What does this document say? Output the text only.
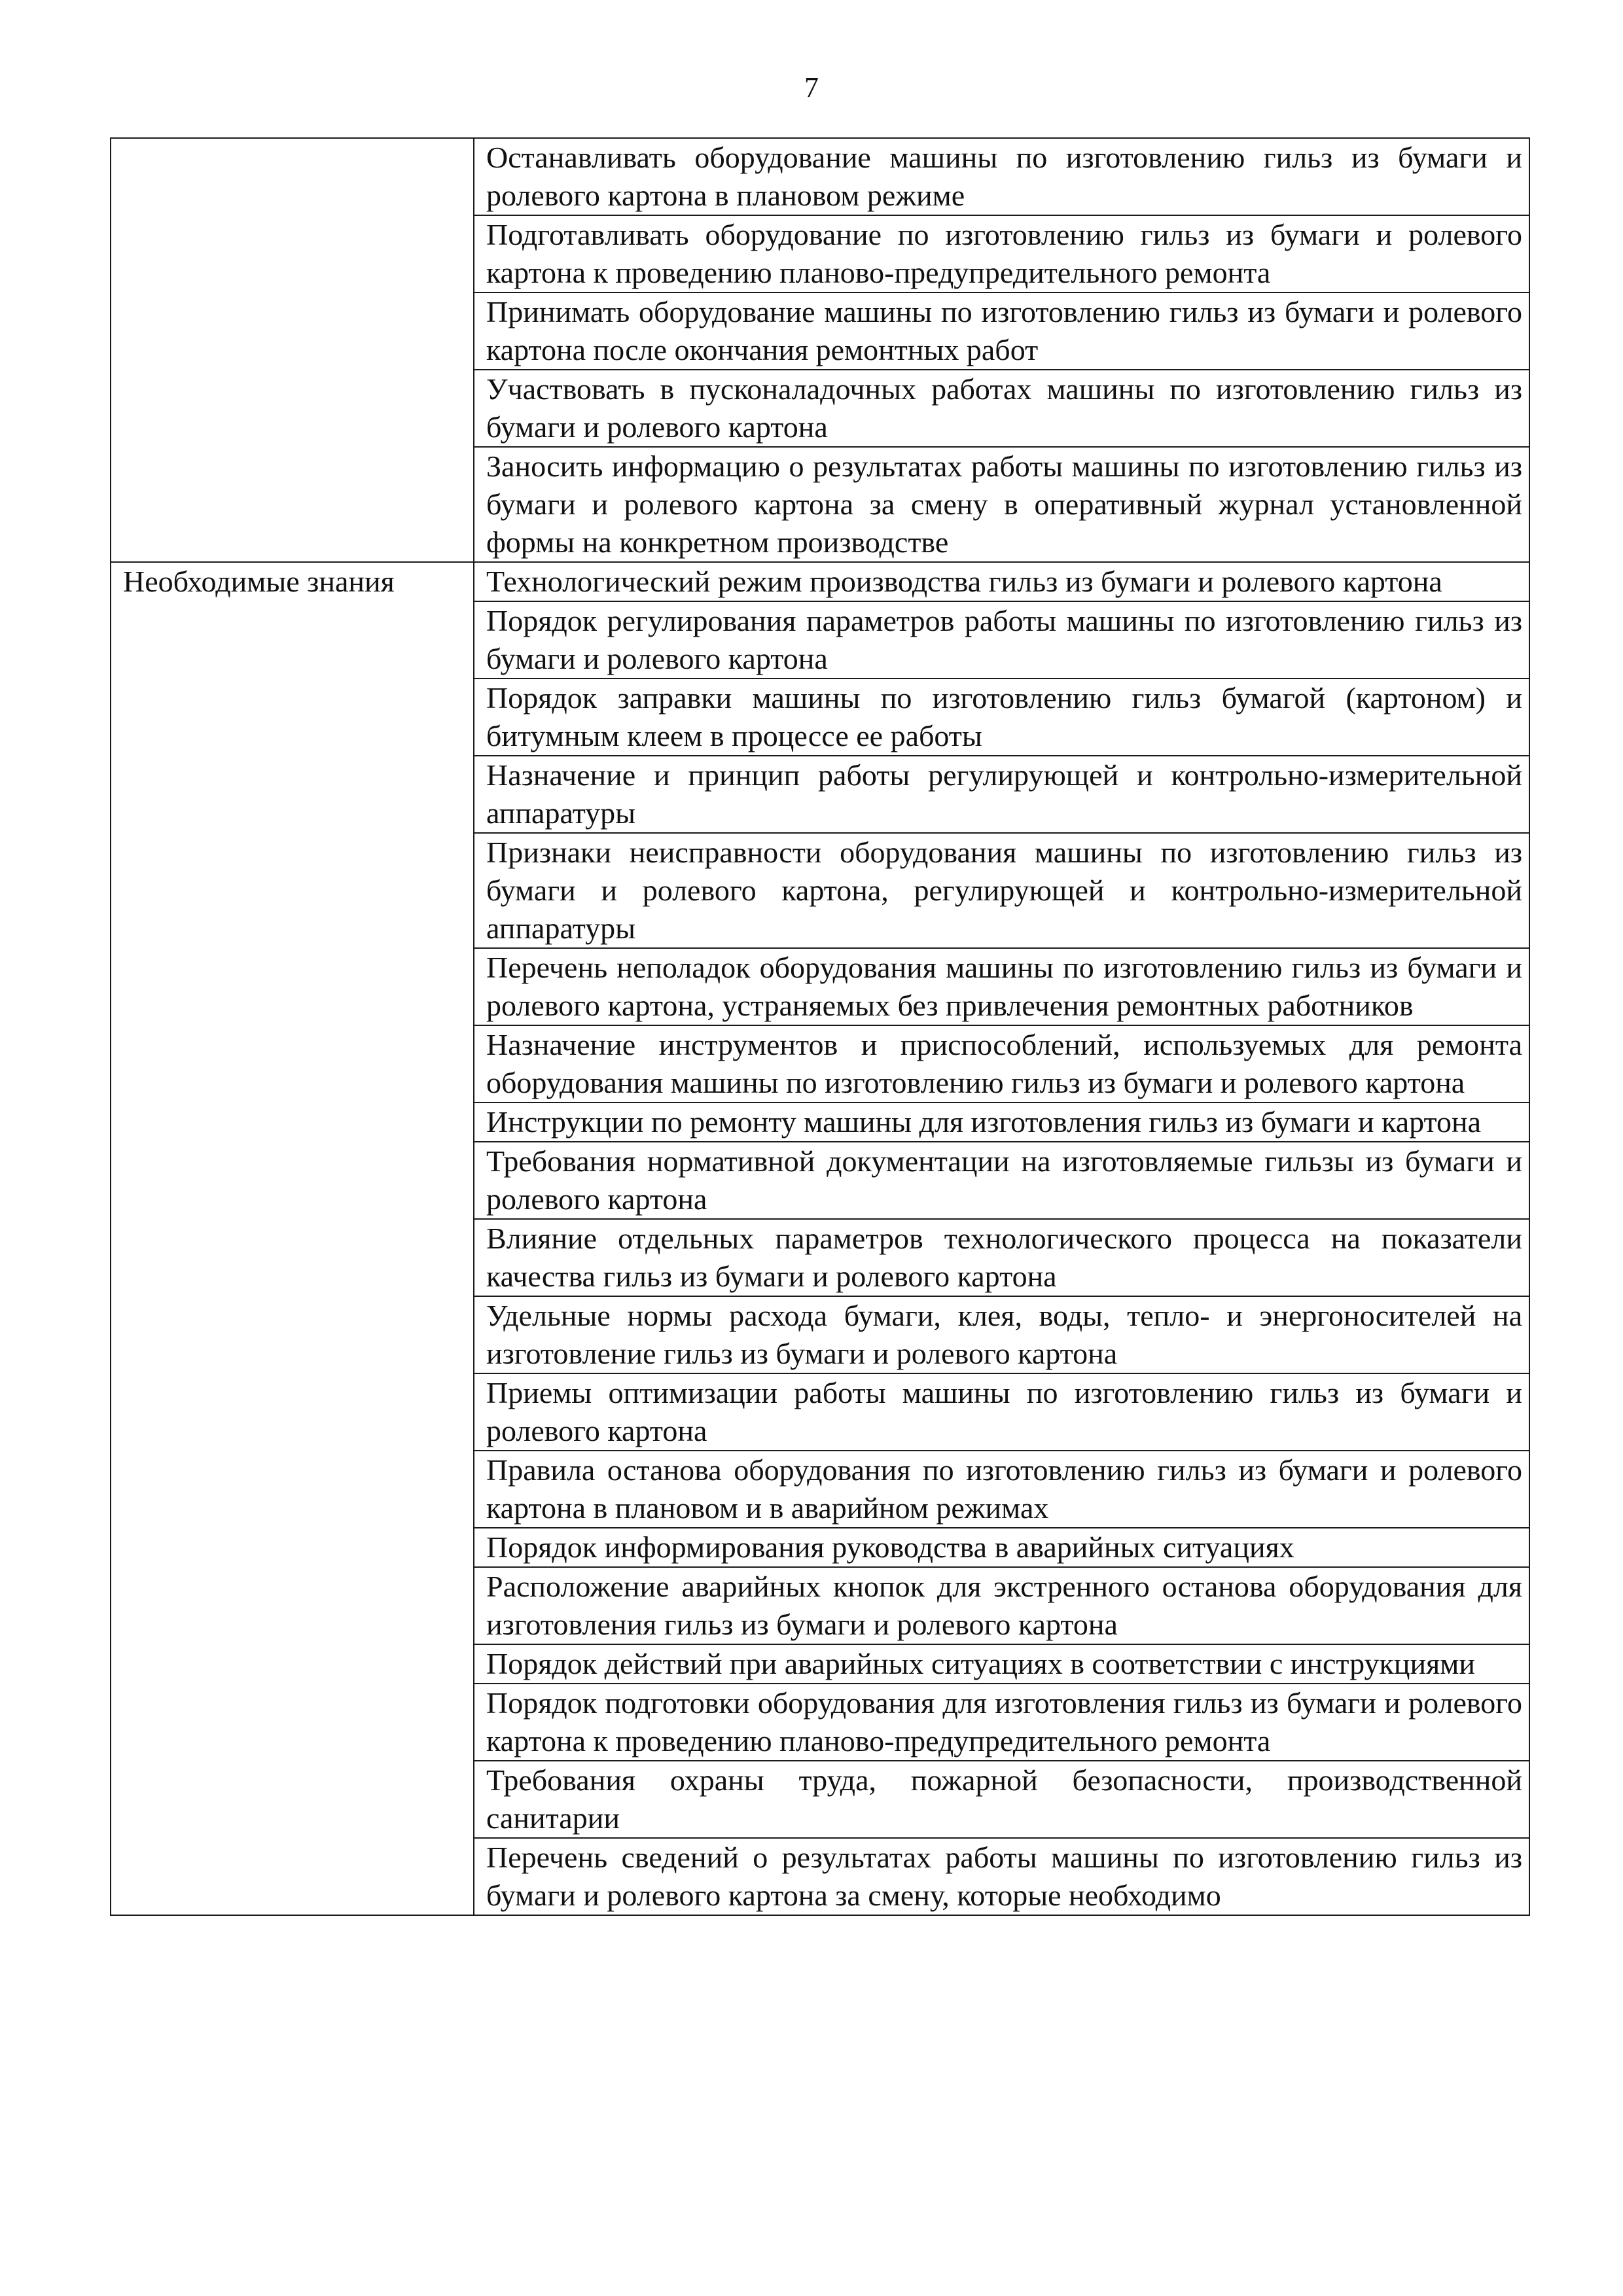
7
	Останавливать оборудование машины по изготовлению гильз из бумаги и ролевого картона в плановом режиме
	Подготавливать оборудование по изготовлению гильз из бумаги и ролевого картона к проведению планово-предупредительного ремонта
	Принимать оборудование машины по изготовлению гильз из бумаги и ролевого картона после окончания ремонтных работ
	Участвовать в пусконаладочных работах машины по изготовлению гильз из бумаги и ролевого картона
	Заносить информацию о результатах работы машины по изготовлению гильз из бумаги и ролевого картона за смену в оперативный журнал установленной формы на конкретном производстве
Необходимые знания	Технологический режим производства гильз из бумаги и ролевого картона
	Порядок регулирования параметров работы машины по изготовлению гильз из бумаги и ролевого картона
	Порядок заправки машины по изготовлению гильз бумагой (картоном) и битумным клеем в процессе ее работы
	Назначение и принцип работы регулирующей и контрольно-измерительной аппаратуры
	Признаки неисправности оборудования машины по изготовлению гильз из бумаги и ролевого картона, регулирующей и контрольно-измерительной аппаратуры
	Перечень неполадок оборудования машины по изготовлению гильз из бумаги и ролевого картона, устраняемых без привлечения ремонтных работников
	Назначение инструментов и приспособлений, используемых для ремонта оборудования машины по изготовлению гильз из бумаги и ролевого картона
	Инструкции по ремонту машины для изготовления гильз из бумаги и картона
	Требования нормативной документации на изготовляемые гильзы из бумаги и ролевого картона
	Влияние отдельных параметров технологического процесса на показатели качества гильз из бумаги и ролевого картона
	Удельные нормы расхода бумаги, клея, воды, тепло- и энергоносителей на изготовление гильз из бумаги и ролевого картона
	Приемы оптимизации работы машины по изготовлению гильз из бумаги и ролевого картона
	Правила останова оборудования по изготовлению гильз из бумаги и ролевого картона в плановом и в аварийном режимах
	Порядок информирования руководства в аварийных ситуациях
	Расположение аварийных кнопок для экстренного останова оборудования для изготовления гильз из бумаги и ролевого картона
	Порядок действий при аварийных ситуациях в соответствии с инструкциями
	Порядок подготовки оборудования для изготовления гильз из бумаги и ролевого картона к проведению планово-предупредительного ремонта
	Требования охраны труда, пожарной безопасности, производственной санитарии
	Перечень сведений о результатах работы машины по изготовлению гильз из бумаги и ролевого картона за смену, которые необходимо
